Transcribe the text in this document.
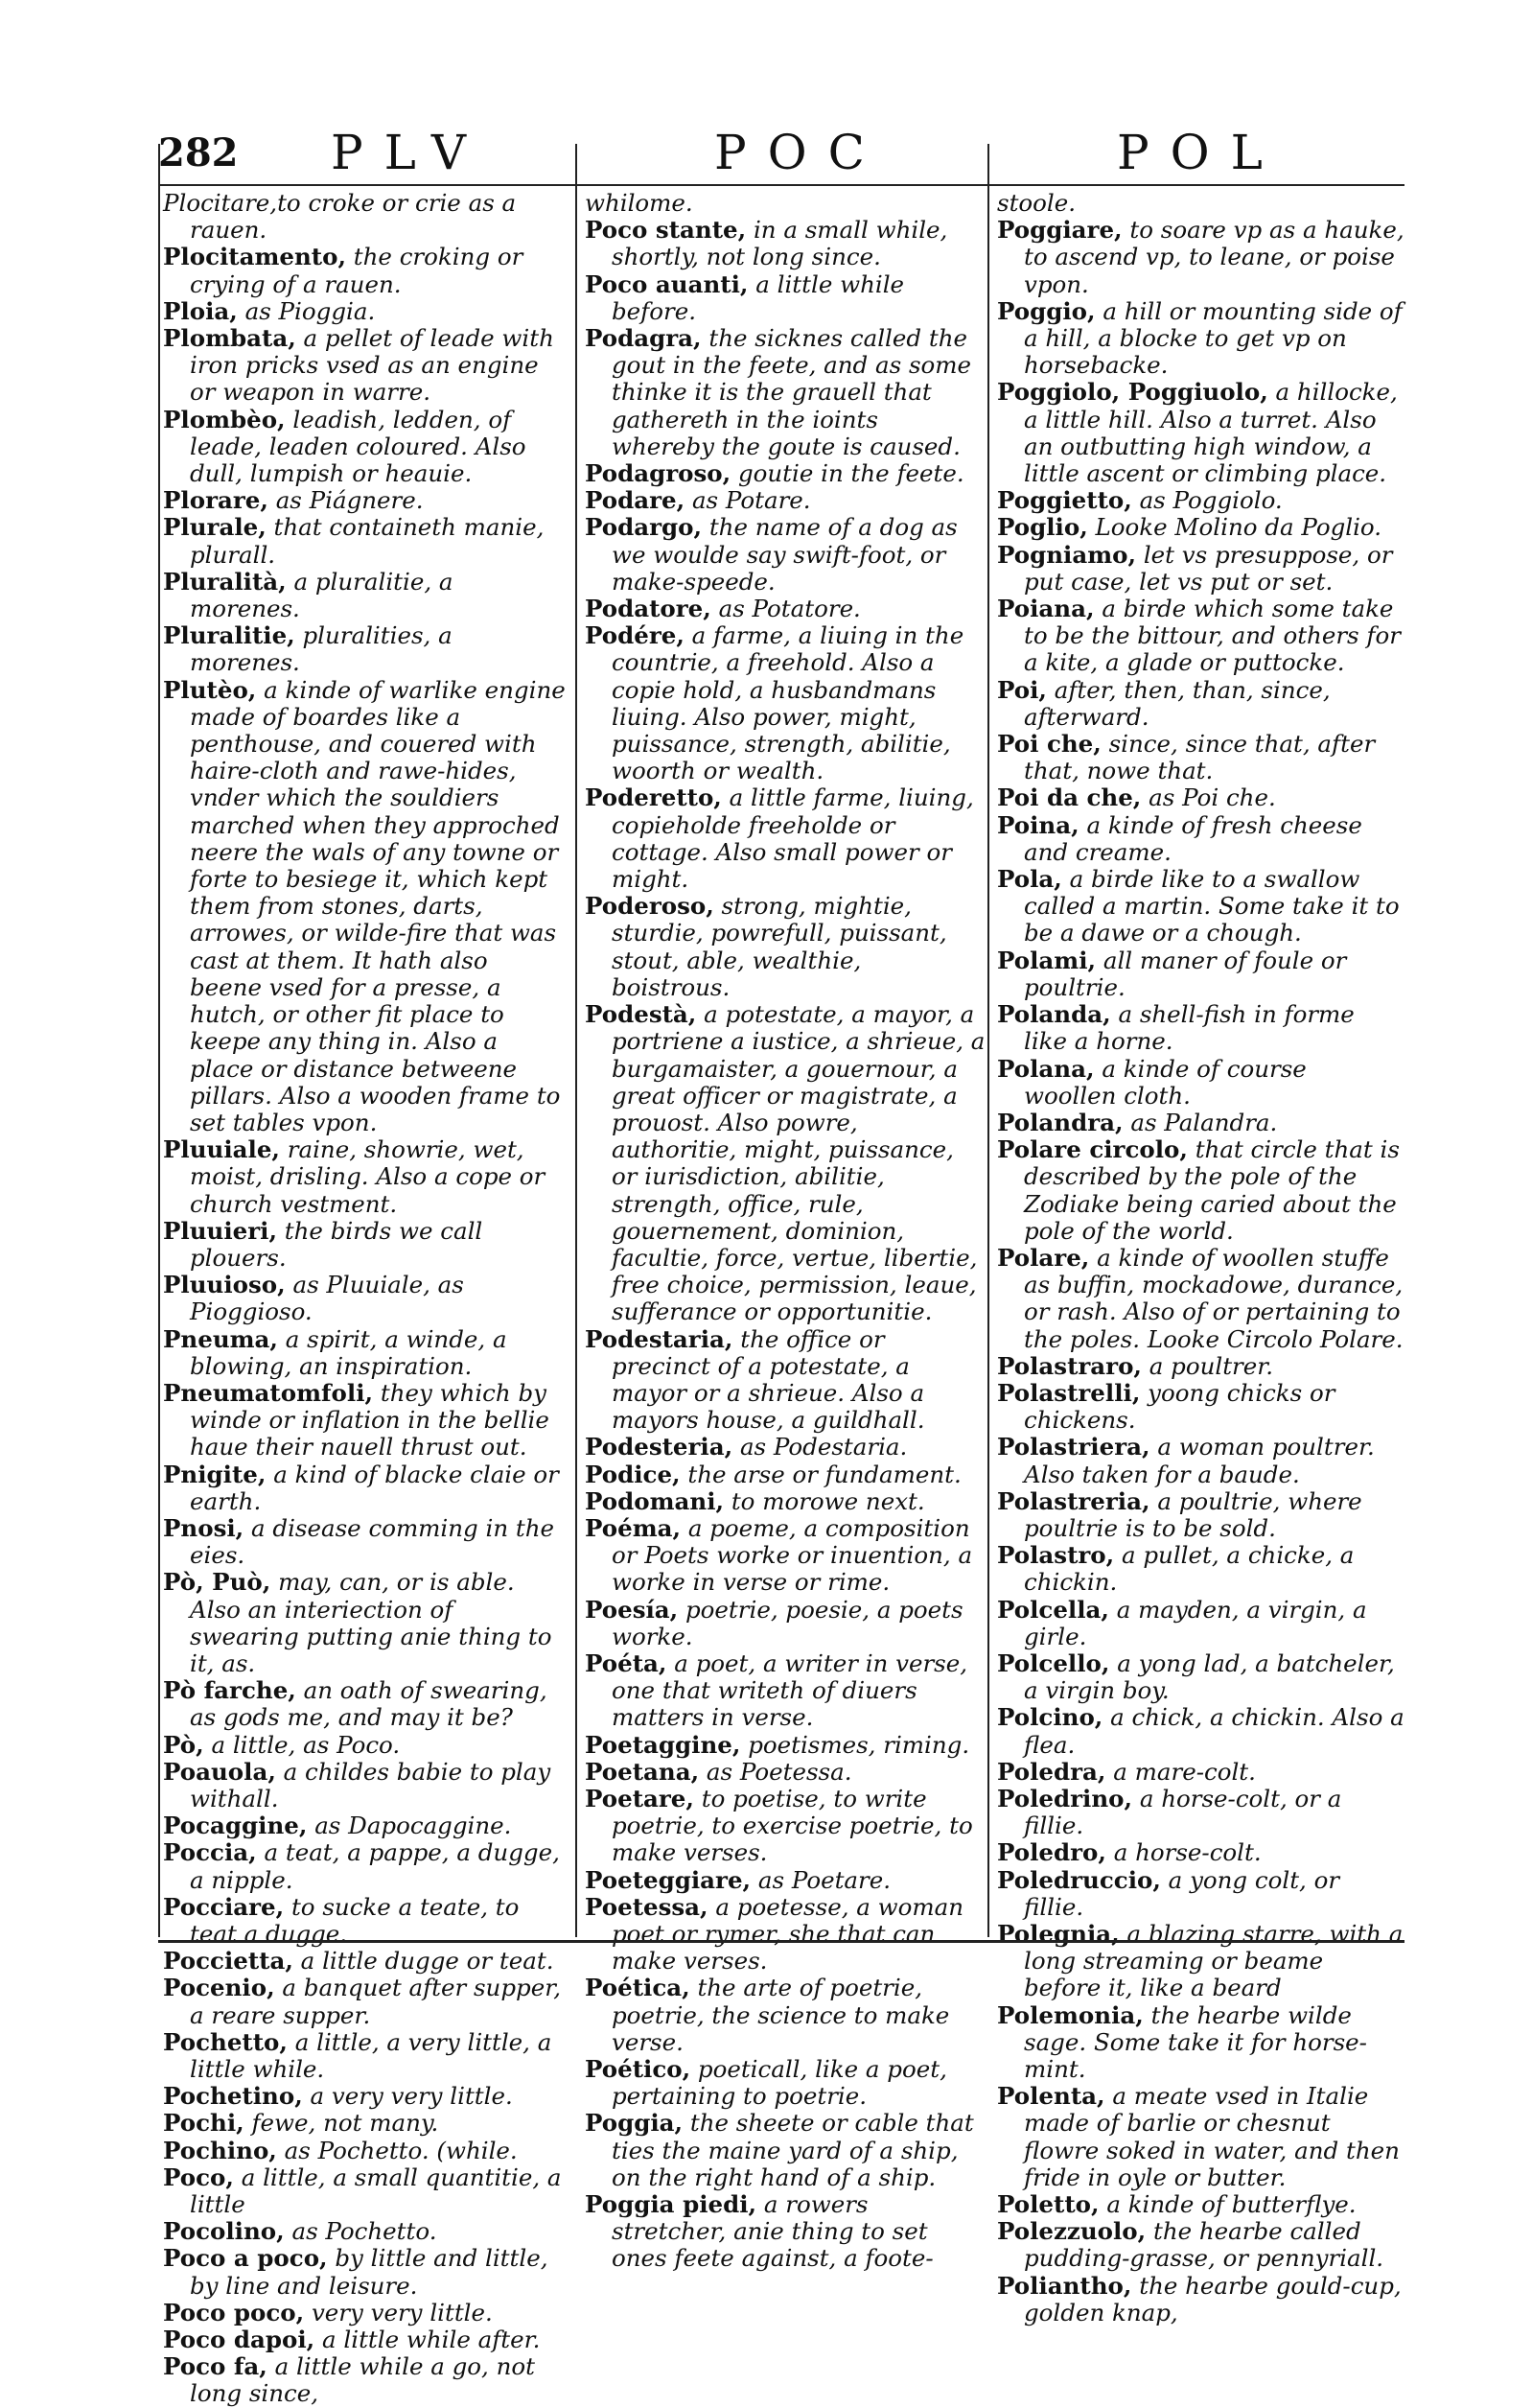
282 PLV	POC	POL

Plocitare,to croke or crie as a rauen.

Plocitamento, the croking or crying of a rauen.

Ploia, as Pioggia.

Plombata, a pellet of leade with iron pricks vsed as an engine or weapon in warre.

Plombèo, leadish, ledden, of leade, leaden coloured. Also dull, lumpish or heauie.

Plorare, as Piágnere.

Plurale, that containeth manie, plurall.

Pluralità, a pluralitie, a morenes.

Pluralitie, pluralities, a morenes.

Plutèo, a kinde of warlike engine made of boardes like a penthouse, and couered with haire-cloth and rawe-hides, vnder which the souldiers marched when they approched neere the wals of any towne or forte to besiege it, which kept them from stones, darts, arrowes, or wilde-fire that was cast at them. It hath also beene vsed for a presse, a hutch, or other fit place to keepe any thing in. Also a place or distance betweene pillars. Also a wooden frame to set tables vpon.

Pluuiale, raine, showrie, wet, moist, drisling. Also a cope or church vestment.

Pluuieri, the birds we call plouers.

Pluuioso, as Pluuiale, as Pioggioso.

Pneuma, a spirit, a winde, a blowing, an inspiration.

Pneumatomfoli, they which by winde or inflation in the bellie haue their nauell thrust out.

Pnigite, a kind of blacke claie or earth.

Pnosi, a disease comming in the eies.

Pò, Può, may, can, or is able. Also an interiection of swearing putting anie thing to it, as.

Pò farche, an oath of swearing, as gods me, and may it be?

Pò, a little, as Poco.

Poauola, a childes babie to play withall.

Pocaggine, as Dapocaggine.

Poccia, a teat, a pappe, a dugge, a nipple.

Pocciare, to sucke a teate, to teat a dugge.

Poccietta, a little dugge or teat.

Pocenio, a banquet after supper, a reare supper.

Pochetto, a little, a very little, a little while.

Pochetino, a very very little.

Pochi, fewe, not many.

Pochino, as Pochetto. (while.

Poco, a little, a small quantitie, a little

Pocolino, as Pochetto.

Poco a poco, by little and little, by line and leisure.

Poco poco, very very little.

Poco dapoi, a little while after.

Poco fa, a little while a go, not long since,

whilome.

Poco stante, in a small while, shortly, not long since.

Poco auanti, a little while before.

Podagra, the sicknes called the gout in the feete, and as some thinke it is the grauell that gathereth in the ioints whereby the goute is caused.

Podagroso, goutie in the feete.

Podare, as Potare.

Podargo, the name of a dog as we woulde say swift-foot, or make-speede.

Podatore, as Potatore.

Podére, a farme, a liuing in the countrie, a freehold. Also a copie hold, a husbandmans liuing. Also power, might, puissance, strength, abilitie, woorth or wealth.

Poderetto, a little farme, liuing, copieholde freeholde or cottage. Also small power or might.

Poderoso, strong, mightie, sturdie, powrefull, puissant, stout, able, wealthie, boistrous.

Podestà, a potestate, a mayor, a portriene a iustice, a shrieue, a burgamaister, a gouernour, a great officer or magistrate, a prouost. Also powre, authoritie, might, puissance, or iurisdiction, abilitie, strength, office, rule, gouernement, dominion, facultie, force, vertue, libertie, free choice, permission, leaue, sufferance or opportunitie.

Podestaria, the office or precinct of a potestate, a mayor or a shrieue. Also a mayors house, a guildhall.

Podesteria, as Podestaria.

Podice, the arse or fundament.

Podomani, to morowe next.

Poéma, a poeme, a composition or Poets worke or inuention, a worke in verse or rime.

Poesía, poetrie, poesie, a poets worke.

Poéta, a poet, a writer in verse, one that writeth of diuers matters in verse.

Poetaggine, poetismes, riming.

Poetana, as Poetessa.

Poetare, to poetise, to write poetrie, to exercise poetrie, to make verses.

Poeteggiare, as Poetare.

Poetessa, a poetesse, a woman poet or rymer, she that can make verses.

Poética, the arte of poetrie, poetrie, the science to make verse.

Poético, poeticall, like a poet, pertaining to poetrie.

Poggia, the sheete or cable that ties the maine yard of a ship, on the right hand of a ship.

Poggia piedi, a rowers stretcher, anie thing to set ones feete against, a foote-

stoole.

Poggiare, to soare vp as a hauke, to ascend vp, to leane, or poise vpon.

Poggio, a hill or mounting side of a hill, a blocke to get vp on horsebacke.

Poggiolo, Poggiuolo, a hillocke, a little hill. Also a turret. Also an outbutting high window, a little ascent or climbing place.

Poggietto, as Poggiolo.

Poglio, Looke Molino da Poglio.

Pogniamo, let vs presuppose, or put case, let vs put or set.

Poiana, a birde which some take to be the bittour, and others for a kite, a glade or puttocke.

Poi, after, then, than, since, afterward.

Poi che, since, since that, after that, nowe that.

Poi da che, as Poi che.

Poina, a kinde of fresh cheese and creame.

Pola, a birde like to a swallow called a martin. Some take it to be a dawe or a chough.

Polami, all maner of foule or poultrie.

Polanda, a shell-fish in forme like a horne.

Polana, a kinde of course woollen cloth.

Polandra, as Palandra.

Polare circolo, that circle that is described by the pole of the Zodiake being caried about the pole of the world.

Polare, a kinde of woollen stuffe as buffin, mockadowe, durance, or rash. Also of or pertaining to the poles. Looke Circolo Polare.

Polastraro, a poultrer.

Polastrelli, yoong chicks or chickens.

Polastriera, a woman poultrer. Also taken for a baude.

Polastreria, a poultrie, where poultrie is to be sold.

Polastro, a pullet, a chicke, a chickin.

Polcella, a mayden, a virgin, a girle.

Polcello, a yong lad, a batcheler, a virgin boy.

Polcino, a chick, a chickin. Also a flea.

Poledra, a mare-colt.

Poledrino, a horse-colt, or a fillie.

Poledro, a horse-colt.

Poledruccio, a yong colt, or fillie.

Polegnia, a blazing starre, with a long streaming or beame before it, like a beard

Polemonia, the hearbe wilde sage. Some take it for horse-mint.

Polenta, a meate vsed in Italie made of barlie or chesnut flowre soked in water, and then fride in oyle or butter.

Poletto, a kinde of butterflye.

Polezzuolo, the hearbe called pudding-grasse, or pennyriall.

Poliantho, the hearbe gould-cup, golden knap,
